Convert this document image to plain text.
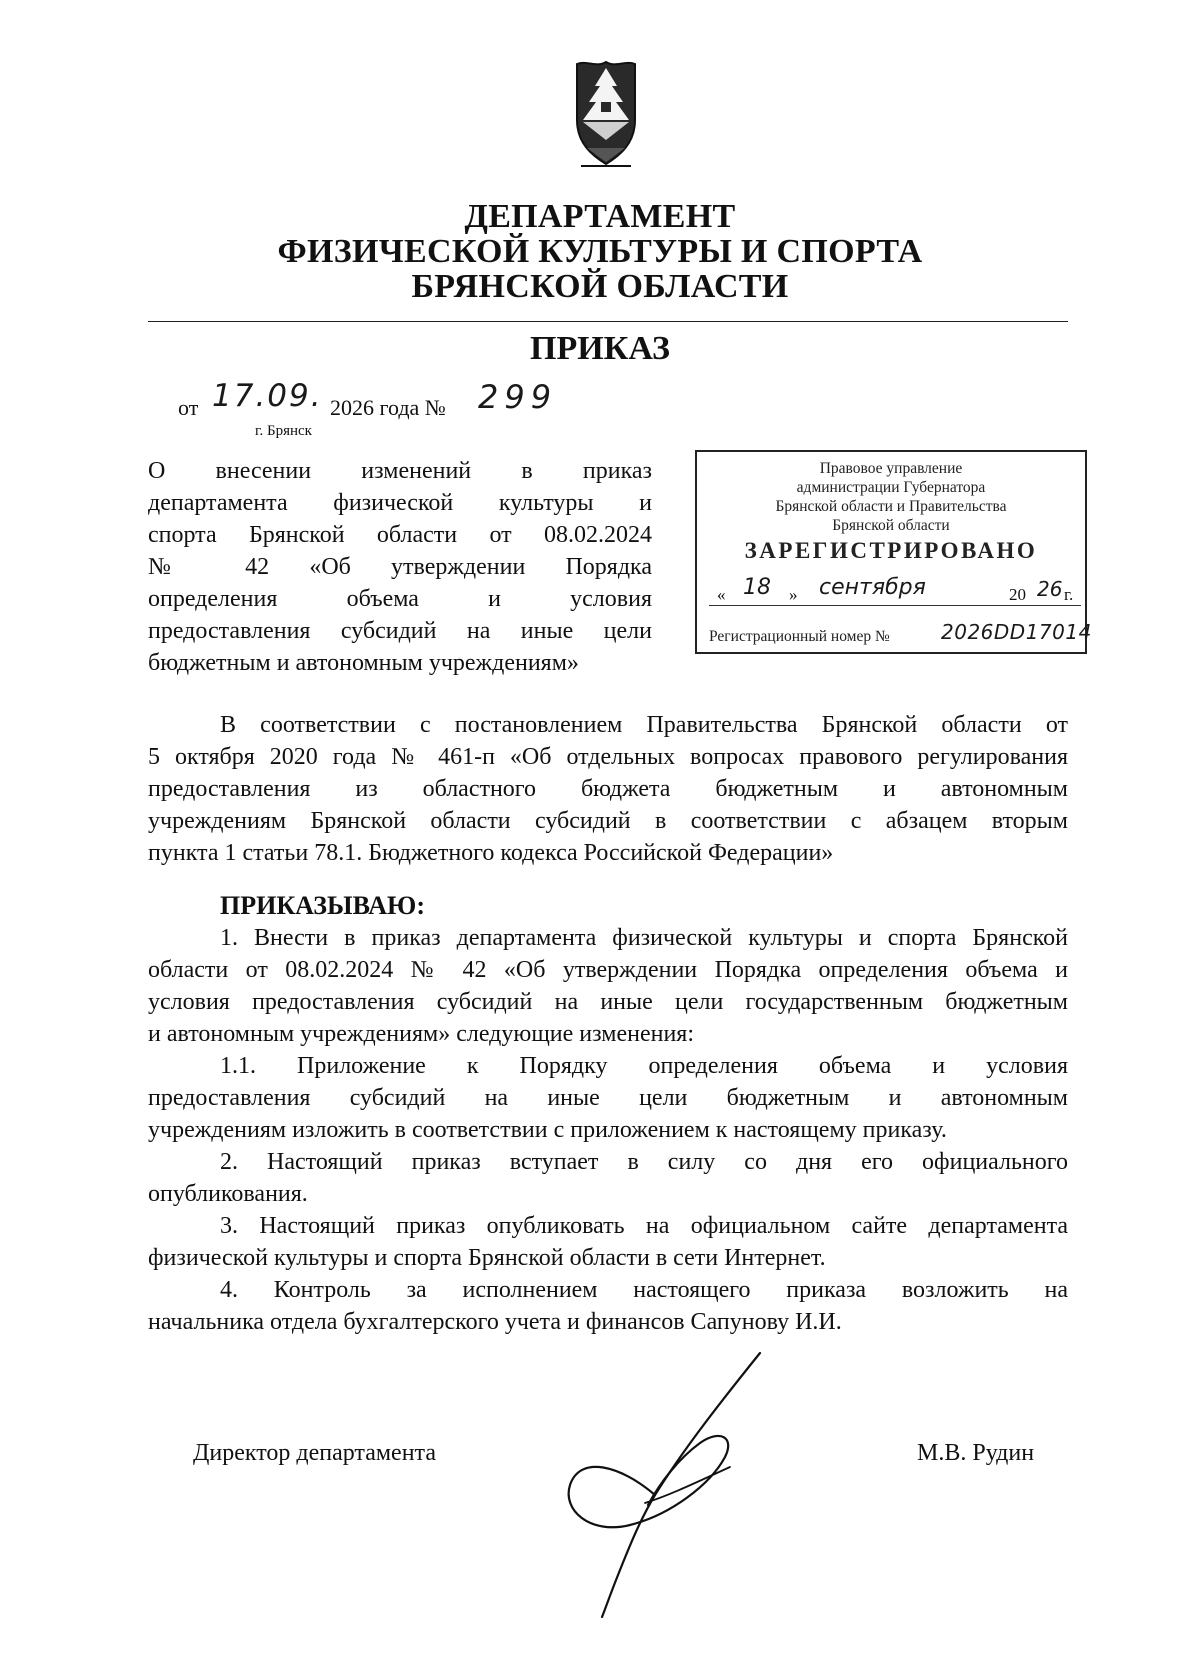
ДЕПАРТАМЕНТ
ФИЗИЧЕСКОЙ КУЛЬТУРЫ И СПОРТА
БРЯНСКОЙ ОБЛАСТИ
ПРИКАЗ
от 17.09. 2026 года № 299
г. Брянск
О внесении изменений в приказ
департамента физической культуры и
спорта Брянской области от 08.02.2024
№ 42 «Об утверждении Порядка
определения объема и условия
предоставления субсидий на иные цели
бюджетным и автономным учреждениям»
Правовое управление
администрации Губернатора
Брянской области и Правительства
Брянской области
ЗАРЕГИСТРИРОВАНО
« 18	» сентября	20 26 г.
Регистрационный номер №	2026DD17014
В соответствии с постановлением Правительства Брянской области от
5 октября 2020 года № 461-п «Об отдельных вопросах правового регулирования
предоставления из областного бюджета бюджетным и автономным
учреждениям Брянской области субсидий в соответствии с абзацем вторым
пункта 1 статьи 78.1. Бюджетного кодекса Российской Федерации»
ПРИКАЗЫВАЮ:
1. Внести в приказ департамента физической культуры и спорта Брянской
области от 08.02.2024 № 42 «Об утверждении Порядка определения объема и
условия предоставления субсидий на иные цели государственным бюджетным
и автономным учреждениям» следующие изменения:
1.1. Приложение к Порядку определения объема и условия
предоставления субсидий на иные цели бюджетным и автономным
учреждениям изложить в соответствии с приложением к настоящему приказу.
2. Настоящий приказ вступает в силу со дня его официального
опубликования.
3. Настоящий приказ опубликовать на официальном сайте департамента
физической культуры и спорта Брянской области в сети Интернет.
4. Контроль за исполнением настоящего приказа возложить на
начальника отдела бухгалтерского учета и финансов Сапунову И.И.
Директор департамента	М.В. Рудин
